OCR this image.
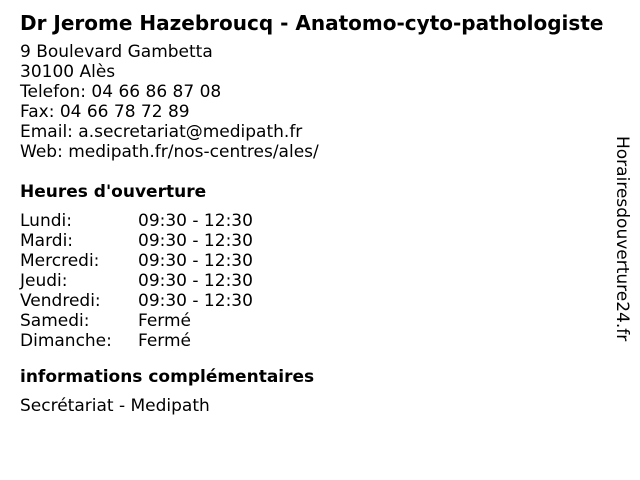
Dr Jerome Hazebroucq - Anatomo-cyto-pathologiste
9 Boulevard Gambetta
30100 Alès
Telefon: 04 66 86 87 08
Fax: 04 66 78 72 89
Email: a.secretariat@medipath.fr
Web: medipath.fr/nos-centres/ales/
Heures d'ouverture
Lundi:	09:30 - 12:30
Mardi:	09:30 - 12:30
Mercredi:	09:30 - 12:30
Jeudi:	09:30 - 12:30
Vendredi:	09:30 - 12:30
Samedi:	Fermé
Dimanche:	Fermé
informations complémentaires
Secrétariat - Medipath
Horairesdouverture24.fr
